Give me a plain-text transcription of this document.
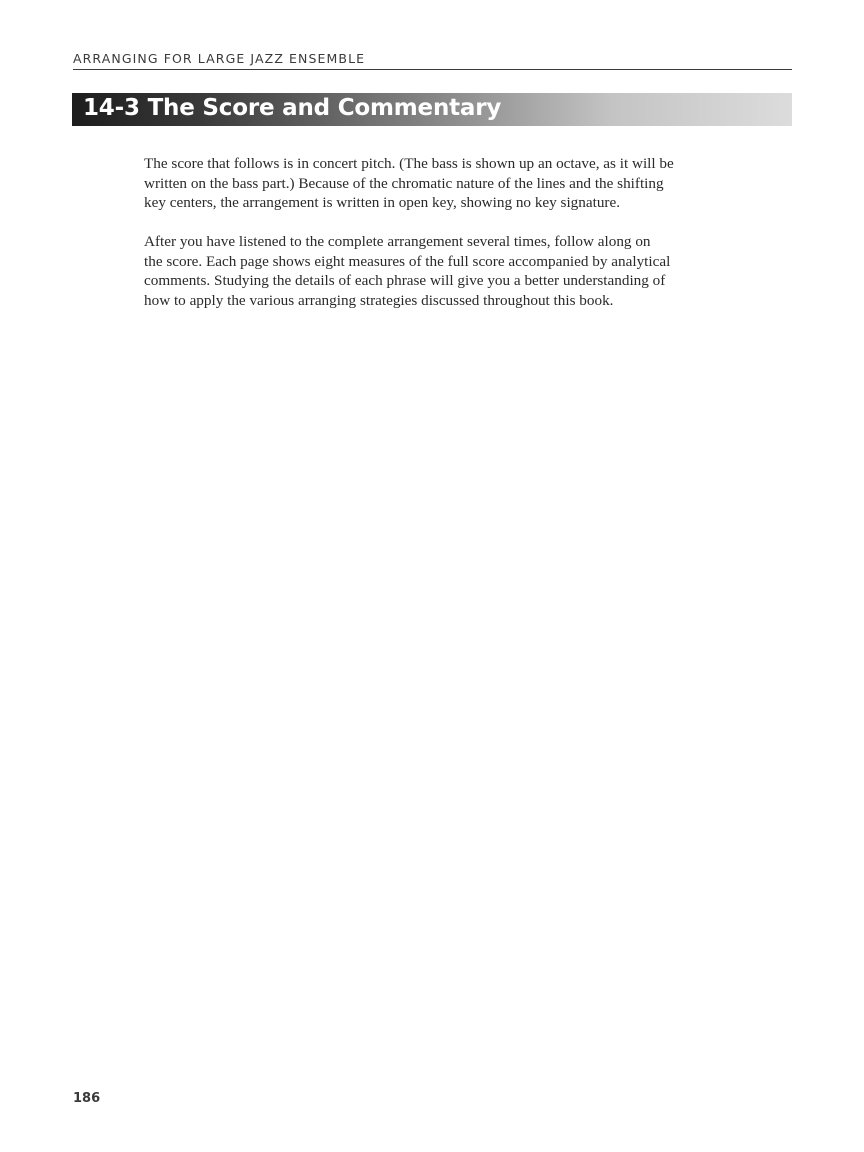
ARRANGING FOR LARGE JAZZ ENSEMBLE
14-3 The Score and Commentary
The score that follows is in concert pitch. (The bass is shown up an octave, as it will be
written on the bass part.) Because of the chromatic nature of the lines and the shifting
key centers, the arrangement is written in open key, showing no key signature.
After you have listened to the complete arrangement several times, follow along on
the score. Each page shows eight measures of the full score accompanied by analytical
comments. Studying the details of each phrase will give you a better understanding of
how to apply the various arranging strategies discussed throughout this book.
186
